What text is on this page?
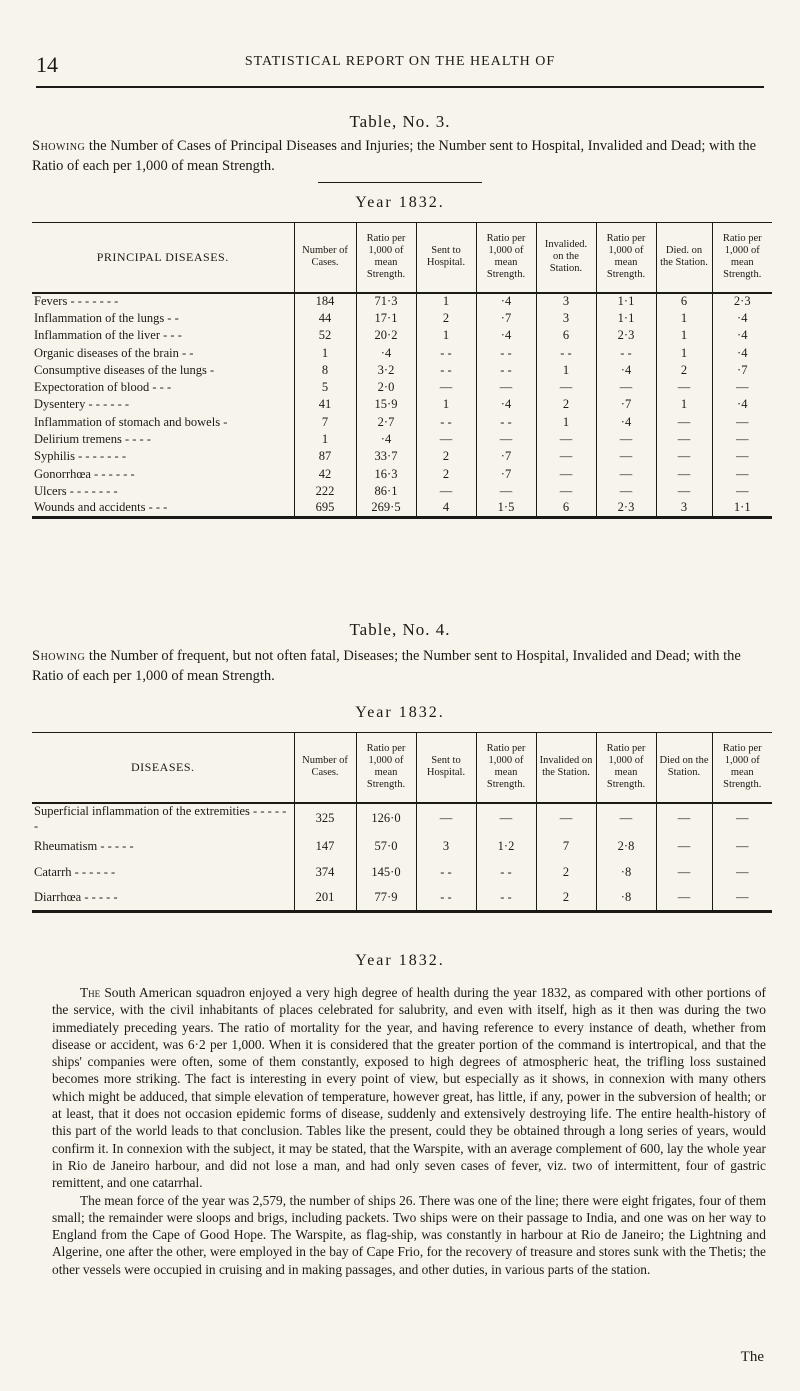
14	STATISTICAL REPORT ON THE HEALTH OF
Table, No. 3.
Showing the Number of Cases of Principal Diseases and Injuries; the Number sent to Hospital, Invalided and Dead; with the Ratio of each per 1,000 of mean Strength.
Year 1832.
PRINCIPAL DISEASES.	Number of Cases.	Ratio per 1,000 of mean Strength.	Sent to Hospital.	Ratio per 1,000 of mean Strength.	Invalided. on the Station.	Ratio per 1,000 of mean Strength.	Died. on the Station.	Ratio per 1,000 of mean Strength.
Fevers - - - - - - -	184	71·3	1	·4	3	1·1	6	2·3
Inflammation of the lungs - -	44	17·1	2	·7	3	1·1	1	·4
Inflammation of the liver - - -	52	20·2	1	·4	6	2·3	1	·4
Organic diseases of the brain - -	1	·4	- -	- -	- -	- -	1	·4
Consumptive diseases of the lungs -	8	3·2	- -	- -	1	·4	2	·7
Expectoration of blood - - -	5	2·0	—	—	—	—	—	—
Dysentery - - - - - -	41	15·9	1	·4	2	·7	1	·4
Inflammation of stomach and bowels -	7	2·7	- -	- -	1	·4	—	—
Delirium tremens - - - -	1	·4	—	—	—	—	—	—
Syphilis - - - - - - -	87	33·7	2	·7	—	—	—	—
Gonorrhœa - - - - - -	42	16·3	2	·7	—	—	—	—
Ulcers - - - - - - -	222	86·1	—	—	—	—	—	—
Wounds and accidents - - -	695	269·5	4	1·5	6	2·3	3	1·1
Table, No. 4.
Showing the Number of frequent, but not often fatal, Diseases; the Number sent to Hospital, Invalided and Dead; with the Ratio of each per 1,000 of mean Strength.
Year 1832.
DISEASES.	Number of Cases.	Ratio per 1,000 of mean Strength.	Sent to Hospital.	Ratio per 1,000 of mean Strength.	Invalided on the Station.	Ratio per 1,000 of mean Strength.	Died on the Station.	Ratio per 1,000 of mean Strength.
Superficial inflammation of the extremities - - - - - -	325	126·0	—	—	—	—	—	—
Rheumatism - - - - -	147	57·0	3	1·2	7	2·8	—	—
Catarrh - - - - - -	374	145·0	- -	- -	2	·8	—	—
Diarrhœa - - - - -	201	77·9	- -	- -	2	·8	—	—
Year 1832.

The South American squadron enjoyed a very high degree of health during the year 1832, as compared with other portions of the service, with the civil inhabitants of places celebrated for salubrity, and even with itself, high as it then was during the two immediately preceding years. The ratio of mortality for the year, and having reference to every instance of death, whether from disease or accident, was 6·2 per 1,000. When it is considered that the greater portion of the command is intertropical, and that the ships' companies were often, some of them constantly, exposed to high degrees of atmospheric heat, the trifling loss sustained becomes more striking. The fact is interesting in every point of view, but especially as it shows, in connexion with many others which might be adduced, that simple elevation of temperature, however great, has little, if any, power in the subversion of health; or at least, that it does not occasion epidemic forms of disease, suddenly and extensively destroying life. The entire health-history of this part of the world leads to that conclusion. Tables like the present, could they be obtained through a long series of years, would confirm it. In connexion with the subject, it may be stated, that the Warspite, with an average complement of 600, lay the whole year in Rio de Janeiro harbour, and did not lose a man, and had only seven cases of fever, viz. two of intermittent, four of gastric remittent, and one catarrhal.

The mean force of the year was 2,579, the number of ships 26. There was one of the line; there were eight frigates, four of them small; the remainder were sloops and brigs, including packets. Two ships were on their passage to India, and one was on her way to England from the Cape of Good Hope. The Warspite, as flag-ship, was constantly in harbour at Rio de Janeiro; the Lightning and Algerine, one after the other, were employed in the bay of Cape Frio, for the recovery of treasure and stores sunk with the Thetis; the other vessels were occupied in cruising and in making passages, and other duties, in various parts of the station.

The
